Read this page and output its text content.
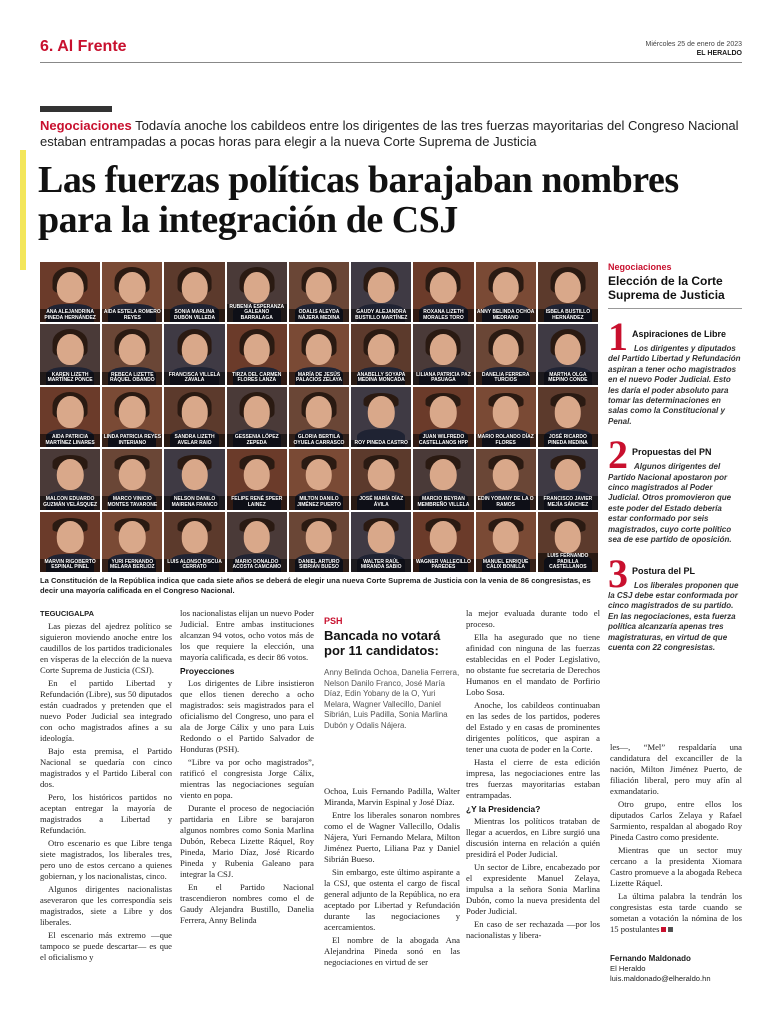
6. Al Frente	Miércoles 25 de enero de 2023
EL HERALDO
Negociaciones Todavía anoche los cabildeos entre los dirigentes de las tres fuerzas mayoritarias del Congreso Nacional estaban entrampadas a pocas horas para elegir a la nueva Corte Suprema de Justicia
Las fuerzas políticas barajaban nombres para la integración de CSJ
ANA ALEJANDRINA PINEDA HERNÁNDEZ
AIDA ESTELA ROMERO REYES
SONIA MARLINA DUBÓN VILLEDA
RUBENIA ESPERANZA GALEANO BARRALAGA
ODALIS ALEYDA NÁJERA MEDINA
GAUDY ALEJANDRA BUSTILLO MARTÍNEZ
ROXANA LIZETH MORALES TORO
ANNY BELINDA OCHOA MEDRANO
ISBELA BUSTILLO HERNÁNDEZ
KAREN LIZETH MARTÍNEZ PONCE
REBECA LIZETTE RÁQUEL OBANDO
FRANCISCA VILLELA ZAVALA
TIRZA DEL CARMEN FLORES LANZA
MARÍA DE JESÚS PALACIOS ZELAYA
ANABELLY SOYAPA MEDINA MONCADA
LILIANA PATRICIA PAZ PASUAGA
DANELIA FERRERA TURCIOS
MARTHA OLGA MEPINO CONDE
AIDA PATRICIA MARTÍNEZ LINARES
LINDA PATRICIA REYES INTERIANO
SANDRA LIZETH AVELAR RAIO
GESSENIA LÓPEZ ZEPEDA
GLORIA BERTILA OYUELA CARRASCO	ROY PINEDA CASTRO
JUAN WILFREDO CASTELLANOS HPP
MARIO ROLANDO DÍAZ FLORES
JOSÉ RICARDO PINEDA MEDINA
MALCON EDUARDO GUZMÁN VELÁSQUEZ
MARCO VINICIO MONTES TAVARONE
NELSON DANILO MAIRENA FRANCO
FELIPE RENÉ SPEER LAINEZ
MILTON DANILO JIMÉNEZ PUERTO
JOSÉ MARÍA DÍAZ ÁVILA
MARCIO BEYRAN MEMBREÑO VILLELA
EDIN YOBANY DE LA O RAMOS
FRANCISCO JAVIER MEJÍA SÁNCHEZ
MARVIN RIGOBERTO ESPINAL PINEL
YURI FERNANDO MELARA BERLIOZ
LUIS ALONSO DISCUA CERRATO
MARIO DONALDO ACOSTA CAMCAMO
DANIEL ARTURO SIBRIÁN BUESO
WALTER RAÚL MIRANDA SABIO
WAGNER VALLECILLO PAREDES
MANUEL ENRIQUE CÁLIX BONILLA
LUIS FERNANDO PADILLA CASTELLANOS
La Constitución de la República indica que cada siete años se deberá de elegir una nueva Corte Suprema de Justicia con la venia de 86 congresistas, es decir una mayoría calificada en el Congreso Nacional.
Negociaciones
Elección de la Corte Suprema de Justicia
1 Aspiraciones de Libre
Los dirigentes y diputados del Partido Libertad y Refundación aspiran a tener ocho magistrados en el nuevo Poder Judicial. Esto les daría el poder absoluto para tomar las determinaciones en salas como la Constitucional y Penal.
2 Propuestas del PN
Algunos dirigentes del Partido Nacional apostaron por cinco magistrados al Poder Judicial. Otros promovieron que este poder del Estado debería estar conformado por seis magistrados, cuyo corte político sea de ese partido de oposición.
3 Postura del PL
Los liberales proponen que la CSJ debe estar conformada por cinco magistrados de su partido. En las negociaciones, esta fuerza política alcanzaría apenas tres magistraturas, en virtud de que cuenta con 22 congresistas.

TEGUCIGALPA

Las piezas del ajedrez político se siguieron moviendo anoche entre los caudillos de los partidos tradicionales en vísperas de la elección de la nueva Corte Suprema de Justicia (CSJ).

En el partido Libertad y Refundación (Libre), sus 50 diputados están cuadrados y pretenden que el nuevo Poder Judicial sea integrado con ocho magistrados afines a su ideología.

Bajo esta premisa, el Partido Nacional se quedaría con cinco magistrados y el Partido Liberal con dos.

Pero, los históricos partidos no aceptan entregar la mayoría de magistrados a Libertad y Refundación.

Otro escenario es que Libre tenga siete magistrados, los liberales tres, pero uno de estos cercano a quienes gobiernan, y los nacionalistas, cinco.

Algunos dirigentes nacionalistas aseveraron que les correspondía seis magistrados, siete a Libre y dos liberales.

El escenario más extremo —que tampoco se puede descartar— es que el oficialismo y

los nacionalistas elijan un nuevo Poder Judicial. Entre ambas instituciones alcanzan 94 votos, ocho votos más de los que requiere la elección, una mayoría calificada, es decir 86 votos.

Proyecciones

Los dirigentes de Libre insistieron que ellos tienen derecho a ocho magistrados: seis magistrados para el oficialismo del Congreso, uno para el ala de Jorge Cálix y uno para Luis Redondo o el Partido Salvador de Honduras (PSH).

“Libre va por ocho magistrados”, ratificó el congresista Jorge Cálix, mientras las negociaciones seguían viento en popa.

Durante el proceso de negociación partidaria en Libre se barajaron algunos nombres como Sonia Marlina Dubón, Rebeca Lizette Ráquel, Roy Pineda, Mario Díaz, José Ricardo Pineda y Rubenia Galeano para integrar la CSJ.

En el Partido Nacional trascendieron nombres como el de Gaudy Alejandra Bustillo, Danelia Ferrera, Anny Belinda

PSH
Bancada no votará por 11 candidatos:
Anny Belinda Ochoa, Danelia Ferrera, Nelson Danilo Franco, José María Díaz, Edin Yobany de la O, Yuri Melara, Wagner Vallecillo, Daniel Sibrián, Luis Padilla, Sonia Marlina Dubón y Odalis Nájera.

Ochoa, Luis Fernando Padilla, Walter Miranda, Marvin Espinal y José Díaz.

Entre los liberales sonaron nombres como el de Wagner Vallecillo, Odalis Nájera, Yuri Fernando Melara, Milton Jiménez Puerto, Liliana Paz y Daniel Sibrián Bueso.

Sin embargo, este último aspirante a la CSJ, que ostenta el cargo de fiscal general adjunto de la República, no era aceptado por Libertad y Refundación durante las negociaciones y acercamientos.

El nombre de la abogada Ana Alejandrina Pineda sonó en las negociaciones en virtud de ser

la mejor evaluada durante todo el proceso.

Ella ha asegurado que no tiene afinidad con ninguna de las fuerzas establecidas en el Poder Legislativo, no obstante fue secretaria de Derechos Humanos en el mandato de Porfirio Lobo Sosa.

Anoche, los cabildeos continuaban en las sedes de los partidos, poderes del Estado y en casas de prominentes dirigentes políticos, que aspiran a tener una cuota de poder en la Corte.

Hasta el cierre de esta edición impresa, las negociaciones entre las tres fuerzas mayoritarias estaban entrampadas.

¿Y la Presidencia?

Mientras los políticos trataban de llegar a acuerdos, en Libre surgió una discusión interna en relación a quién presidirá el Poder Judicial.

Un sector de Libre, encabezado por el expresidente Manuel Zelaya, impulsa a la señora Sonia Marlina Dubón, como la nueva presidenta del Poder Judicial.

En caso de ser rechazada —por los nacionalistas y libera-

les—, “Mel” respaldaría una candidatura del excanciller de la nación, Milton Jiménez Puerto, de filiación liberal, pero muy afín al exmandatario.

Otro grupo, entre ellos los diputados Carlos Zelaya y Rafael Sarmiento, respaldan al abogado Roy Pineda Castro como presidente.

Mientras que un sector muy cercano a la presidenta Xiomara Castro promueve a la abogada Rebeca Lizette Ráquel.

La última palabra la tendrán los congresistas esta tarde cuando se sometan a votación la nómina de los 15 postulantes

Fernando Maldonado
El Heraldo
luis.maldonado@elheraldo.hn
